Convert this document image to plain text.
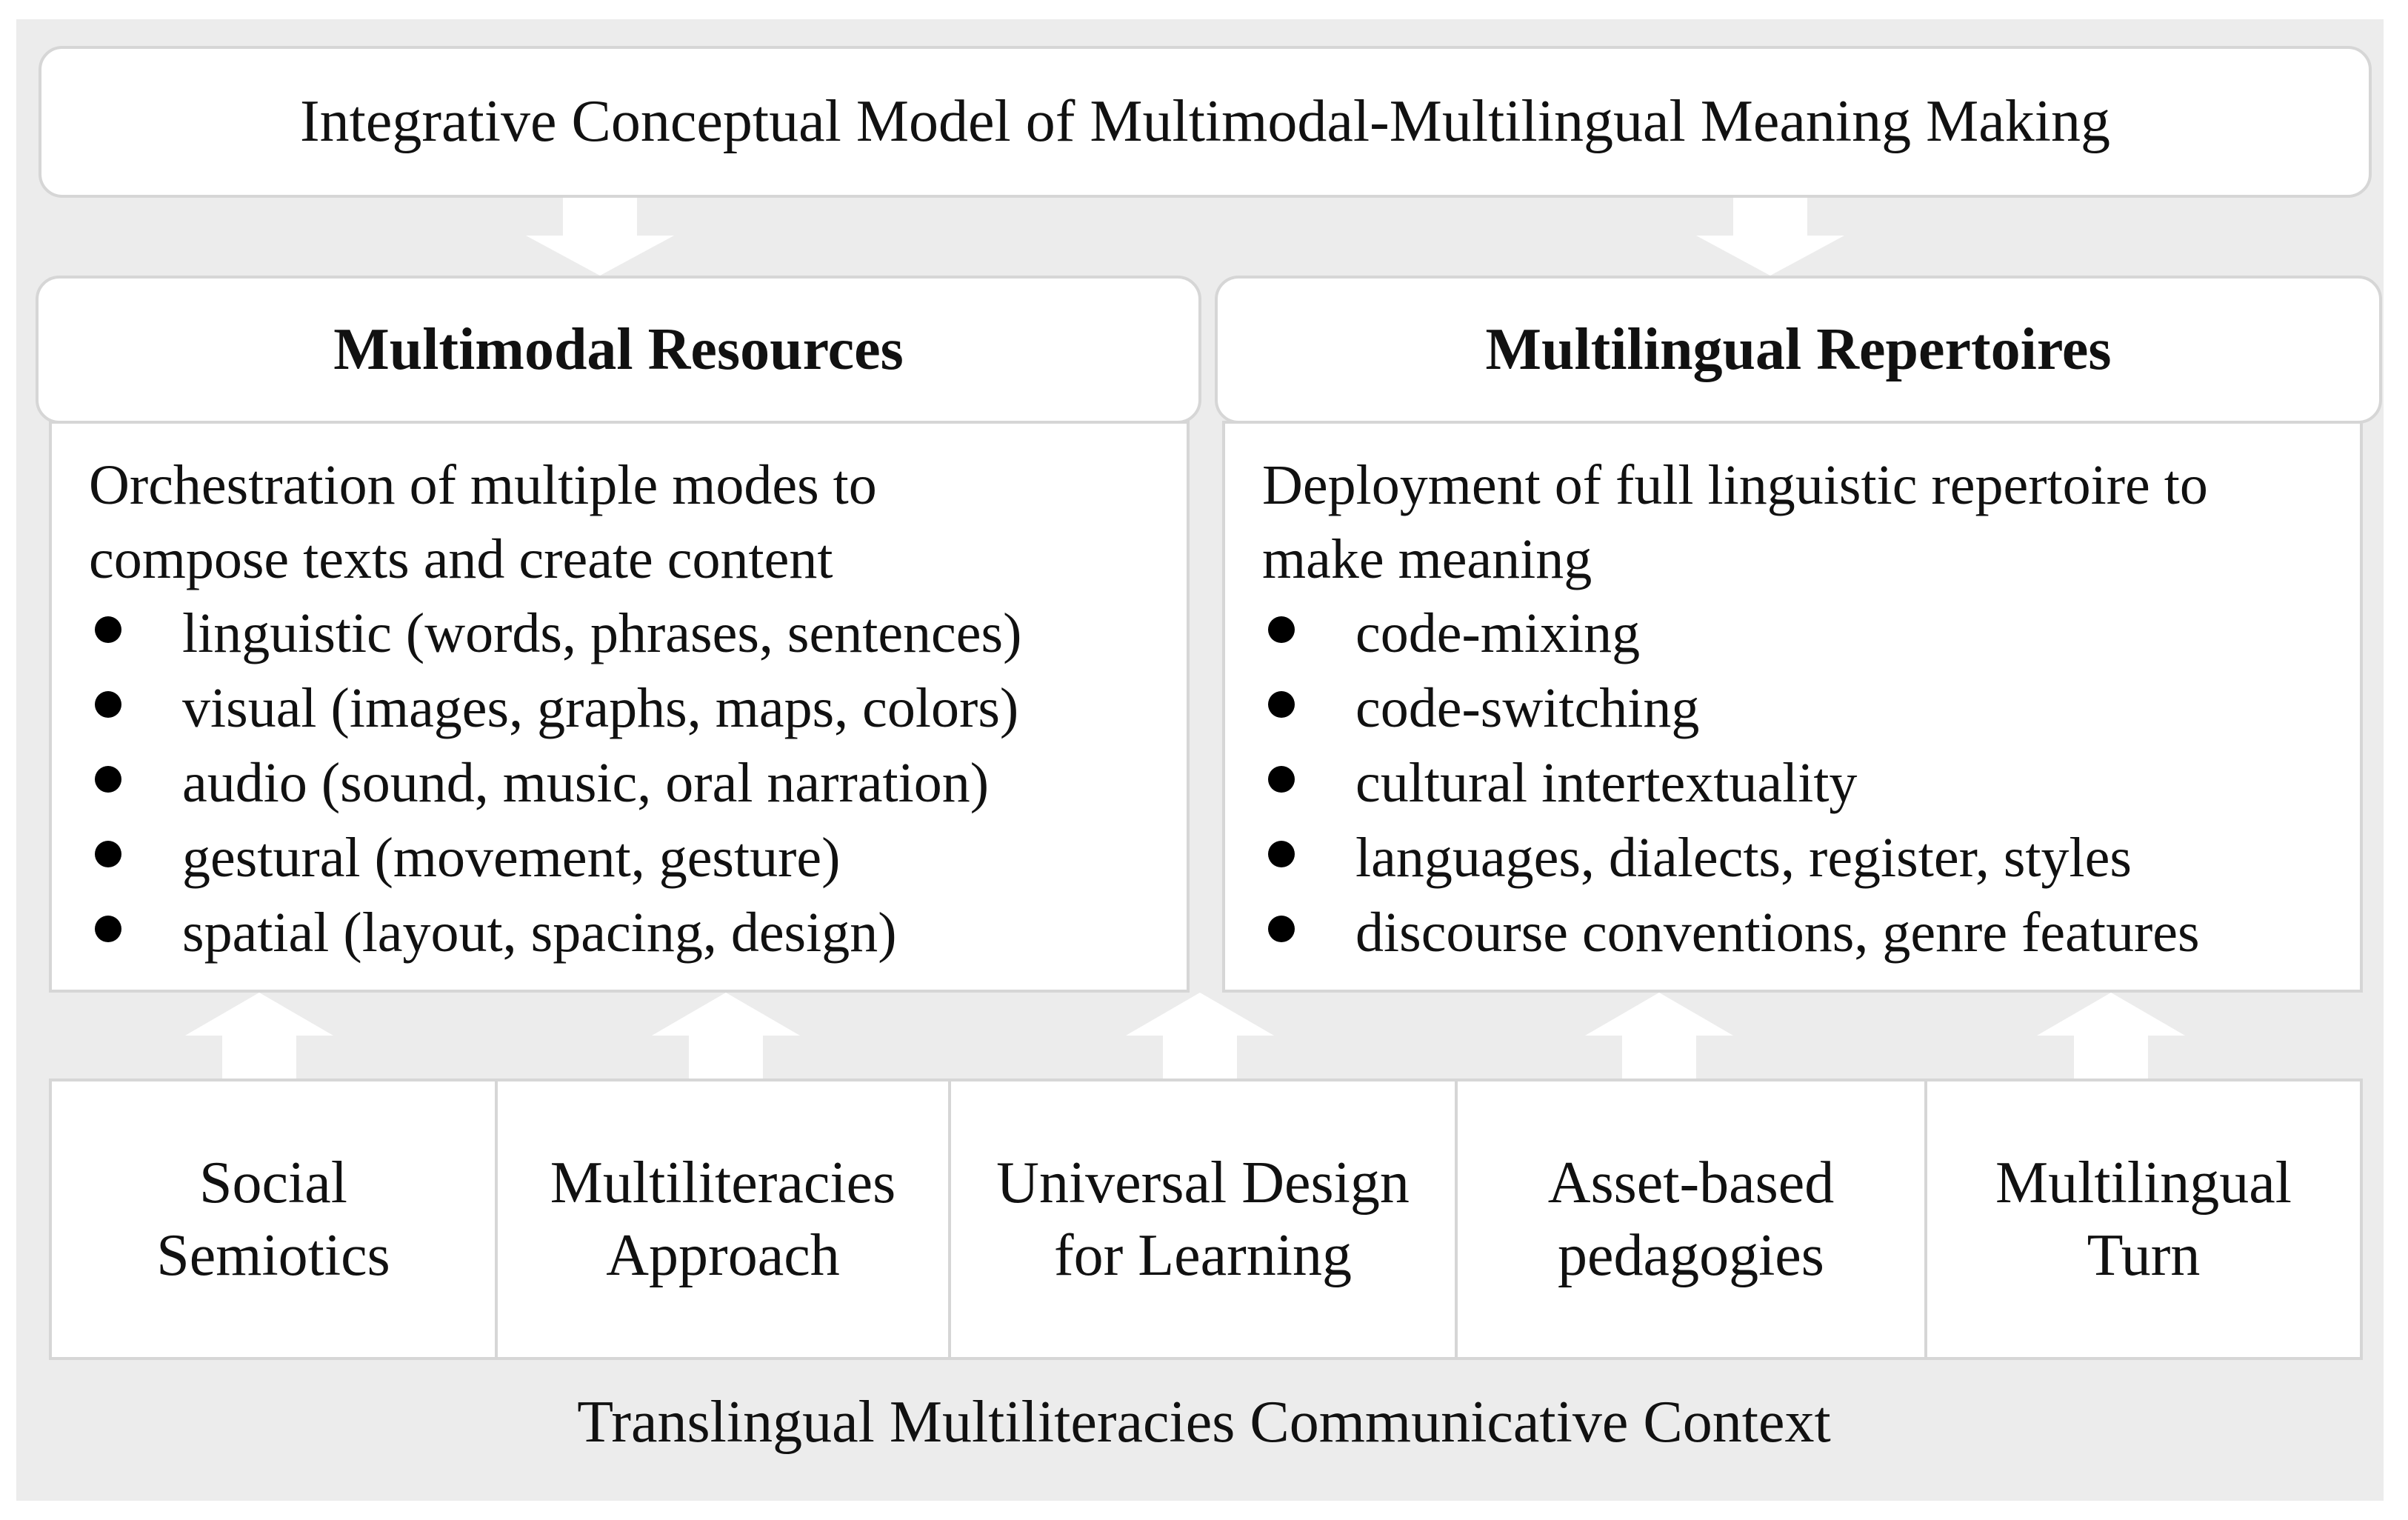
Integrative Conceptual Model of Multimodal-Multilingual Meaning Making
Multimodal Resources	Multilingual Repertoires

Orchestration of multiple modes to

compose texts and create content

linguistic (words, phrases, sentences)
visual (images, graphs, maps, colors)
audio (sound, music, oral narration)
gestural (movement, gesture)
spatial (layout, spacing, design)

Deployment of full linguistic repertoire to

make meaning

code-mixing
code-switching
cultural intertextuality
languages, dialects, register, styles
discourse conventions, genre features
Social
Semiotics
Multiliteracies
Approach
Universal Design
for Learning
Asset-based
pedagogies
Multilingual
Turn
Translingual Multiliteracies Communicative Context
